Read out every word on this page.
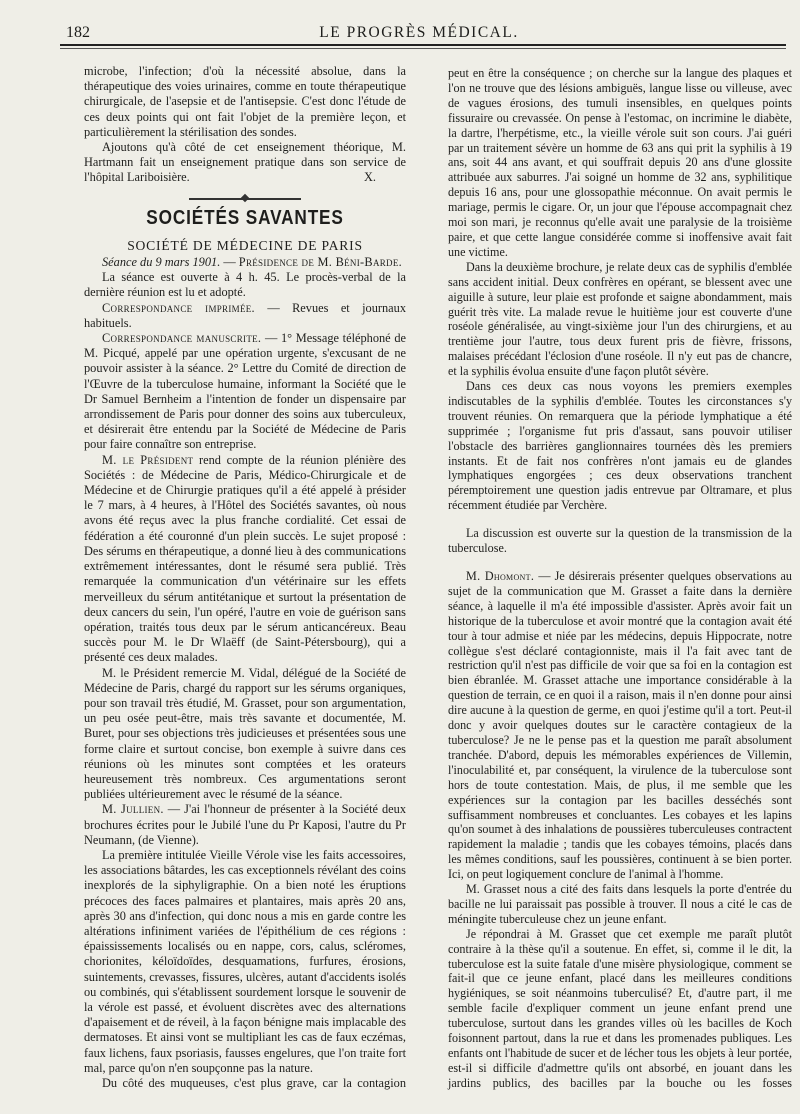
182	LE PROGRÈS MÉDICAL.

microbe, l'infection; d'où la nécessité absolue, dans la thérapeutique des voies urinaires, comme en toute thérapeutique chirurgicale, de l'asepsie et de l'antisepsie. C'est donc l'étude de ces deux points qui ont fait l'objet de la première leçon, et particulièrement la stérilisation des sondes.

Ajoutons qu'à côté de cet enseignement théorique, M. Hartmann fait un enseignement pratique dans son service de l'hôpital Lariboisière.	X.

SOCIÉTÉS SAVANTES
SOCIÉTÉ DE MÉDECINE DE PARIS

Séance du 9 mars 1901. — Présidence de M. Béni-Barde.

La séance est ouverte à 4 h. 45. Le procès-verbal de la dernière réunion est lu et adopté.

Correspondance imprimée. — Revues et journaux habituels.

Correspondance manuscrite. — 1° Message téléphoné de M. Picqué, appelé par une opération urgente, s'excusant de ne pouvoir assister à la séance. 2° Lettre du Comité de direction de l'Œuvre de la tuberculose humaine, informant la Société que le Dr Samuel Bernheim a l'intention de fonder un dispensaire par arrondissement de Paris pour donner des soins aux tuberculeux, et désirerait être entendu par la Société de Médecine de Paris pour faire connaître son entreprise.

M. le Président rend compte de la réunion plénière des Sociétés : de Médecine de Paris, Médico-Chirurgicale et de Médecine et de Chirurgie pratiques qu'il a été appelé à présider le 7 mars, à 4 heures, à l'Hôtel des Sociétés savantes, où nous avons été reçus avec la plus franche cordialité. Cet essai de fédération a été couronné d'un plein succès. Le sujet proposé : Des sérums en thérapeutique, a donné lieu à des communications extrêmement intéressantes, dont le résumé sera publié. Très remarquée la communication d'un vétérinaire sur les effets merveilleux du sérum antitétanique et surtout la présentation de deux cancers du sein, l'un opéré, l'autre en voie de guérison sans opération, traités tous deux par le sérum anticancéreux. Beau succès pour M. le Dr Wlaëff (de Saint-Pétersbourg), qui a présenté ces deux malades.

M. le Président remercie M. Vidal, délégué de la Société de Médecine de Paris, chargé du rapport sur les sérums organiques, pour son travail très étudié, M. Grasset, pour son argumentation, un peu osée peut-être, mais très savante et documentée, M. Buret, pour ses objections très judicieuses et présentées sous une forme claire et surtout concise, bon exemple à suivre dans ces réunions où les minutes sont comptées et les orateurs heureusement très nombreux. Ces argumentations seront publiées ultérieurement avec le résumé de la séance.

M. Jullien. — J'ai l'honneur de présenter à la Société deux brochures écrites pour le Jubilé l'une du Pr Kaposi, l'autre du Pr Neumann, (de Vienne).

La première intitulée Vieille Vérole vise les faits accessoires, les associations bâtardes, les cas exceptionnels révélant des coins inexplorés de la siphyligraphie. On a bien noté les éruptions précoces des faces palmaires et plantaires, mais après 20 ans, après 30 ans d'infection, qui donc nous a mis en garde contre les altérations infiniment variées de l'épithélium de ces régions : épaississements localisés ou en nappe, cors, calus, scléromes, chorionites, kéloïdoïdes, desquamations, furfures, érosions, suintements, crevasses, fissures, ulcères, autant d'accidents isolés ou combinés, qui s'établissent sourdement lorsque le souvenir de la vérole est passé, et évoluent discrètes avec des alternations d'apaisement et de réveil, à la façon bénigne mais implacable des dermatoses. Et ainsi vont se multipliant les cas de faux eczémas, faux lichens, faux psoriasis, fausses engelures, que l'on traite fort mal, parce qu'on n'en soupçonne pas la nature.

Du côté des muqueuses, c'est plus grave, car la contagion

peut en être la conséquence ; on cherche sur la langue des plaques et l'on ne trouve que des lésions ambiguës, langue lisse ou villeuse, avec de vagues érosions, des tumuli insensibles, en quelques points fissuraire ou crevassée. On pense à l'estomac, on incrimine le diabète, la dartre, l'herpétisme, etc., la vieille vérole suit son cours. J'ai guéri par un traitement sévère un homme de 63 ans qui prit la syphilis à 19 ans, soit 44 ans avant, et qui souffrait depuis 20 ans d'une glossite attribuée aux saburres. J'ai soigné un homme de 32 ans, syphilitique depuis 16 ans, pour une glossopathie méconnue. On avait permis le mariage, permis le cigare. Or, un jour que l'épouse accompagnait chez moi son mari, je reconnus qu'elle avait une paralysie de la troisième paire, et que cette langue considérée comme si inoffensive avait fait une victime.

Dans la deuxième brochure, je relate deux cas de syphilis d'emblée sans accident initial. Deux confrères en opérant, se blessent avec une aiguille à suture, leur plaie est profonde et saigne abondamment, mais guérit très vite. La malade revue le huitième jour est couverte d'une roséole généralisée, au vingt-sixième jour l'un des chirurgiens, et au trentième jour l'autre, tous deux furent pris de fièvre, frissons, malaises précédant l'éclosion d'une roséole. Il n'y eut pas de chancre, et la syphilis évolua ensuite d'une façon plutôt sévère.

Dans ces deux cas nous voyons les premiers exemples indiscutables de la syphilis d'emblée. Toutes les circonstances s'y trouvent réunies. On remarquera que la période lymphatique a été supprimée ; l'organisme fut pris d'assaut, sans pouvoir utiliser l'obstacle des barrières ganglionnaires tournées dès les premiers instants. Et de fait nos confrères n'ont jamais eu de glandes lymphatiques engorgées ; ces deux observations tranchent péremptoirement une question jadis entrevue par Oltramare, et plus récemment étudiée par Verchère.

La discussion est ouverte sur la question de la transmission de la tuberculose.

M. Dhomont. — Je désirerais présenter quelques observations au sujet de la communication que M. Grasset a faite dans la dernière séance, à laquelle il m'a été impossible d'assister. Après avoir fait un historique de la tuberculose et avoir montré que la contagion avait été tour à tour admise et niée par les médecins, depuis Hippocrate, notre collègue s'est déclaré contagionniste, mais il l'a fait avec tant de restriction qu'il n'est pas difficile de voir que sa foi en la contagion est bien ébranlée. M. Grasset attache une importance considérable à la question de terrain, ce en quoi il a raison, mais il n'en donne pour ainsi dire aucune à la question de germe, en quoi j'estime qu'il a tort. Peut-il donc y avoir quelques doutes sur le caractère contagieux de la tuberculose? Je ne le pense pas et la question me paraît absolument tranchée. D'abord, depuis les mémorables expériences de Villemin, l'inoculabilité et, par conséquent, la virulence de la tuberculose sont hors de toute contestation. Mais, de plus, il me semble que les expériences sur la contagion par les bacilles desséchés sont suffisamment nombreuses et concluantes. Les cobayes et les lapins qu'on soumet à des inhalations de poussières tuberculeuses contractent rapidement la maladie ; tandis que les cobayes témoins, placés dans les mêmes conditions, sauf les poussières, continuent à se bien porter. Ici, on peut logiquement conclure de l'animal à l'homme.

M. Grasset nous a cité des faits dans lesquels la porte d'entrée du bacille ne lui paraissait pas possible à trouver. Il nous a cité le cas de méningite tuberculeuse chez un jeune enfant.

Je répondrai à M. Grasset que cet exemple me paraît plutôt contraire à la thèse qu'il a soutenue. En effet, si, comme il le dit, la tuberculose est la suite fatale d'une misère physiologique, comment se fait-il que ce jeune enfant, placé dans les meilleures conditions hygiéniques, se soit néanmoins tuberculisé? Et, d'autre part, il me semble facile d'expliquer comment un jeune enfant prend une tuberculose, surtout dans les grandes villes où les bacilles de Koch foisonnent partout, dans la rue et dans les promenades publiques. Les enfants ont l'habitude de sucer et de lécher tous les objets à leur portée, est-il si difficile d'admettre qu'ils ont absorbé, en jouant dans les jardins publics, des bacilles par la bouche ou les fosses
